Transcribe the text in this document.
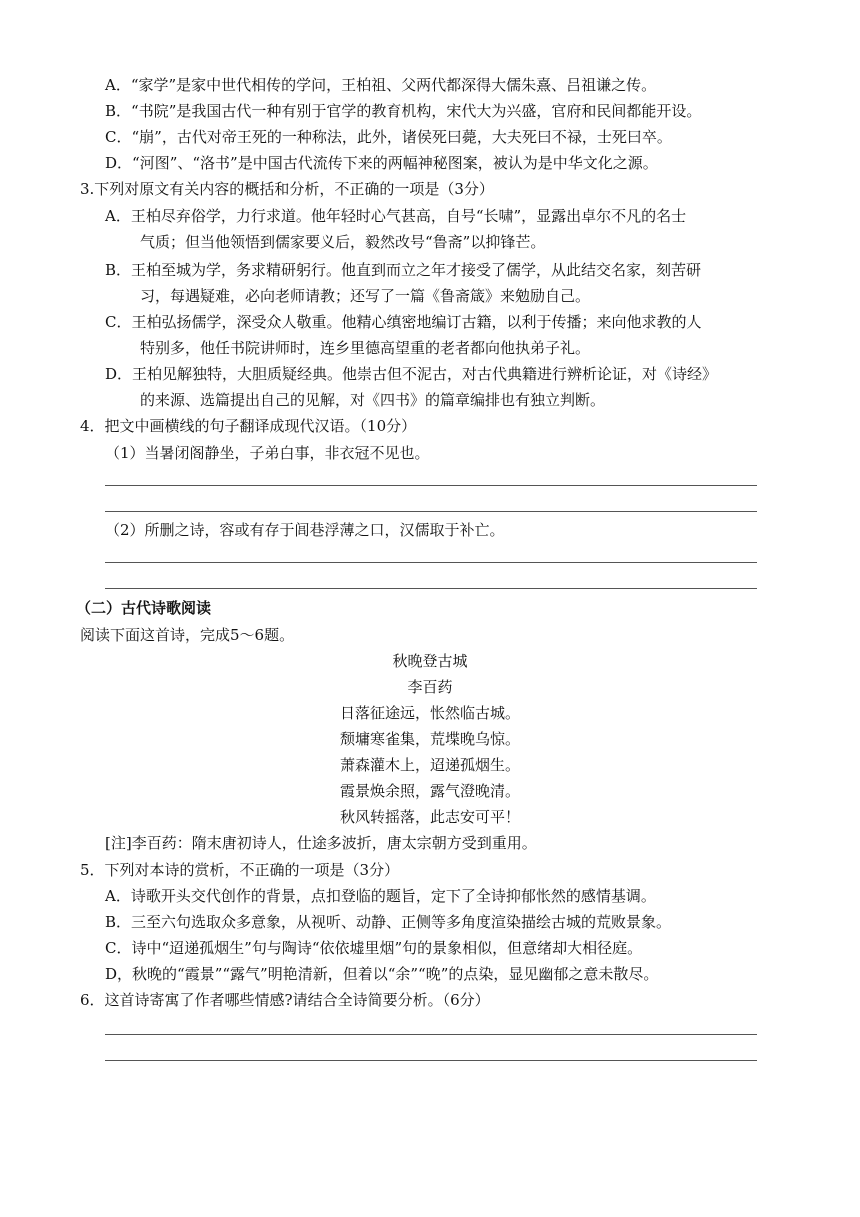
A．“家学”是家中世代相传的学问，王柏祖、父两代都深得大儒朱熹、吕祖谦之传。
B．“书院”是我国古代一种有别于官学的教育机构，宋代大为兴盛，官府和民间都能开设。
C．“崩”，古代对帝王死的一种称法，此外，诸侯死曰薨，大夫死曰不禄，士死曰卒。
D．“河图”、“洛书”是中国古代流传下来的两幅神秘图案，被认为是中华文化之源。
3.下列对原文有关内容的概括和分析，不正确的一项是（3分）
A．王柏尽弃俗学，力行求道。他年轻时心气甚高，自号“长啸”，显露出卓尔不凡的名士
气质；但当他领悟到儒家要义后，毅然改号“鲁斋”以抑锋芒。
B．王柏至城为学，务求精研躬行。他直到而立之年才接受了儒学，从此结交名家，刻苦研
习，每遇疑难，必向老师请教；还写了一篇《鲁斋箴》来勉励自己。
C．王柏弘扬儒学，深受众人敬重。他精心缜密地编订古籍，以利于传播；来向他求教的人
特别多，他任书院讲师时，连乡里德高望重的老者都向他执弟子礼。
D．王柏见解独特，大胆质疑经典。他崇古但不泥古，对古代典籍进行辨析论证，对《诗经》
的来源、选篇提出自己的见解，对《四书》的篇章编排也有独立判断。
4．把文中画横线的句子翻译成现代汉语。（10分）
（1）当暑闭阁静坐，子弟白事，非衣冠不见也。
（2）所删之诗，容或有存于闾巷浮薄之口，汉儒取于补亡。
（二）古代诗歌阅读
阅读下面这首诗，完成5～6题。
秋晚登古城
李百药
日落征途远，怅然临古城。
颓墉寒雀集，荒堞晚乌惊。
萧森灌木上，迢递孤烟生。
霞景焕余照，露气澄晚清。
秋风转摇落，此志安可平！
[注]李百药：隋末唐初诗人，仕途多波折，唐太宗朝方受到重用。
5．下列对本诗的赏析，不正确的一项是（3分）
A．诗歌开头交代创作的背景，点扣登临的题旨，定下了全诗抑郁怅然的感情基调。
B．三至六句选取众多意象，从视听、动静、正侧等多角度渲染描绘古城的荒败景象。
C．诗中“迢递孤烟生”句与陶诗“依依墟里烟”句的景象相似，但意绪却大相径庭。
D，秋晚的“霞景”“露气”明艳清新，但着以“余”“晚”的点染，显见幽郁之意未散尽。
6．这首诗寄寓了作者哪些情感?请结合全诗简要分析。（6分）
